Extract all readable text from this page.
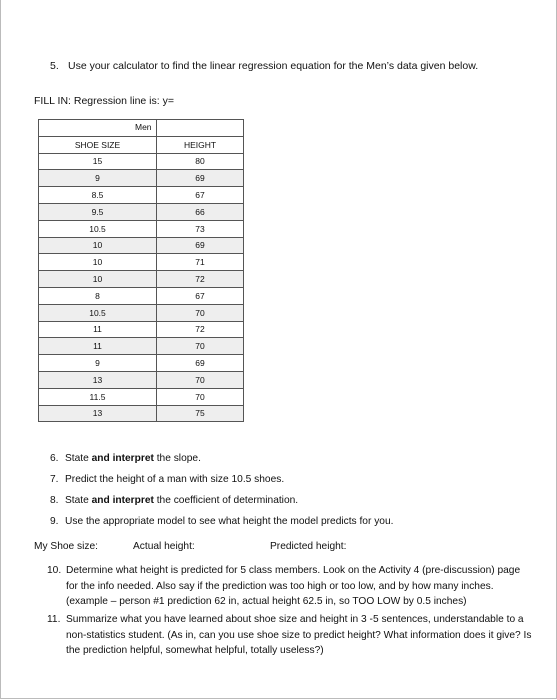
5. Use your calculator to find the linear regression equation for the Men’s data given below.
FILL IN: Regression line is: y=

	Men

SHOE SIZE	HEIGHT
15	80
9	69
8.5	67
9.5	66
10.5	73
10	69
10	71
10	72
8	67
10.5	70
11	72
11	70
9	69
13	70
11.5	70
13	75
6. State and interpret the slope.
7. Predict the height of a man with size 10.5 shoes.
8. State and interpret the coefficient of determination.
9. Use the appropriate model to see what height the model predicts for you.
My Shoe size:	Actual height:	Predicted height:
10. Determine what height is predicted for 5 class members. Look on the Activity 4 (pre-discussion) page
for the info needed. Also say if the prediction was too high or too low, and by how many inches.
(example – person #1 prediction 62 in, actual height 62.5 in, so TOO LOW by 0.5 inches)
11. Summarize what you have learned about shoe size and height in 3 -5 sentences, understandable to a
non-statistics student. (As in, can you use shoe size to predict height? What information does it give? Is
the prediction helpful, somewhat helpful, totally useless?)
